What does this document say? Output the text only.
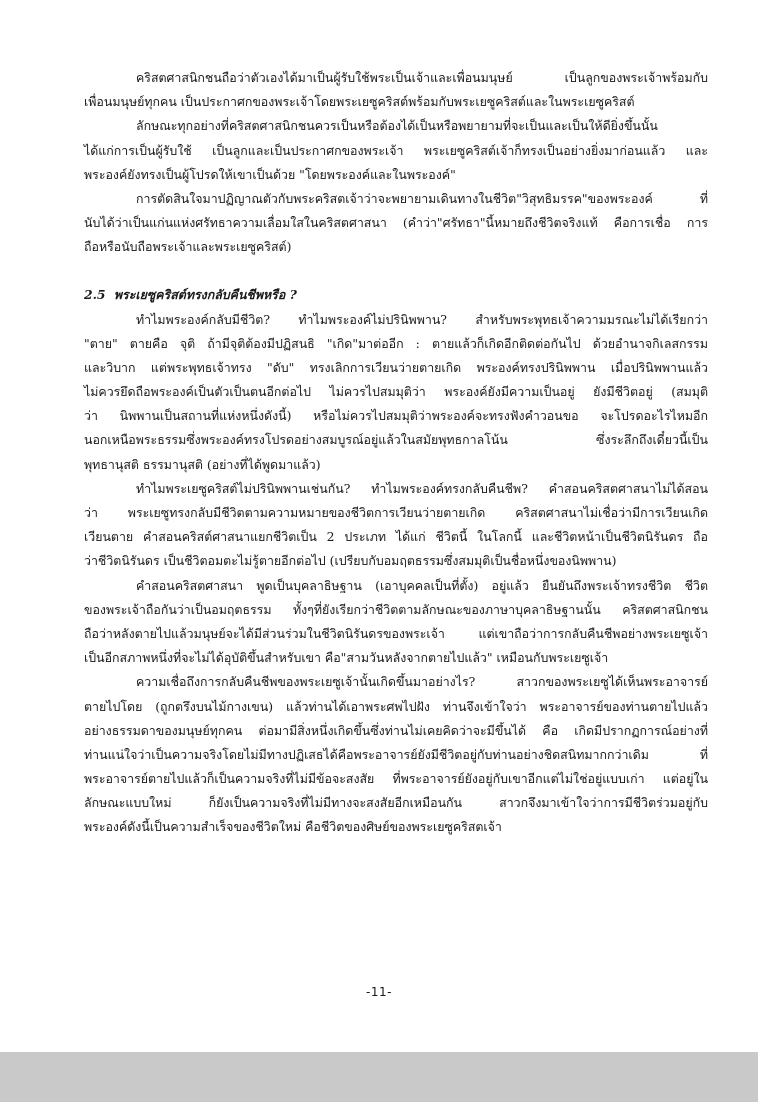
คริสตศาสนิกชนถือว่าตัวเองได้มาเป็นผู้รับใช้พระเป็นเจ้าและเพื่อนมนุษย์ เป็นลูกของพระเจ้าพร้อมกับ
เพื่อนมนุษย์ทุกคน เป็นประกาศกของพระเจ้าโดยพระเยซูคริสต์พร้อมกับพระเยซูคริสต์และในพระเยซูคริสต์
ลักษณะทุกอย่างที่คริสตศาสนิกชนควรเป็นหรือต้องได้เป็นหรือพยายามที่จะเป็นและเป็นให้ดียิ่งขึ้นนั้น
ได้แก่การเป็นผู้รับใช้ เป็นลูกและเป็นประกาศกของพระเจ้า พระเยซูคริสต์เจ้าก็ทรงเป็นอย่างยิ่งมาก่อนแล้ว และ
พระองค์ยังทรงเป็นผู้โปรดให้เขาเป็นด้วย "โดยพระองค์และในพระองค์"
การตัดสินใจมาปฏิญาณตัวกับพระคริสตเจ้าว่าจะพยายามเดินทางในชีวิต"วิสุทธิมรรค"ของพระองค์ ที่
นับได้ว่าเป็นแก่นแห่งศรัทธาความเลื่อมใสในคริสตศาสนา (คำว่า"ศรัทธา"นี้หมายถึงชีวิตจริงแท้ คือการเชื่อ การ
ถือหรือนับถือพระเจ้าและพระเยซูคริสต์)
2.5 พระเยซูคริสต์ทรงกลับคืนชีพหรือ ?
ทำไมพระองค์กลับมีชีวิต? ทำไมพระองค์ไม่ปรินิพพาน? สำหรับพระพุทธเจ้าความมรณะไม่ได้เรียกว่า
"ตาย" ตายคือ จุติ ถ้ามีจุติต้องมีปฏิสนธิ "เกิด"มาต่ออีก : ตายแล้วก็เกิดอีกติดต่อกันไป ด้วยอำนาจกิเลสกรรม
และวิบาก แต่พระพุทธเจ้าทรง "ดับ" ทรงเลิกการเวียนว่ายตายเกิด พระองค์ทรงปรินิพพาน เมื่อปรินิพพานแล้ว
ไม่ควรยึดถือพระองค์เป็นตัวเป็นตนอีกต่อไป ไม่ควรไปสมมุติว่า พระองค์ยังมีความเป็นอยู่ ยังมีชีวิตอยู่ (สมมุติ
ว่า นิพพานเป็นสถานที่แห่งหนึ่งดังนี้) หรือไม่ควรไปสมมุติว่าพระองค์จะทรงฟังคำวอนขอ จะโปรดอะไรไหมอีก
นอกเหนือพระธรรมซึ่งพระองค์ทรงโปรดอย่างสมบูรณ์อยู่แล้วในสมัยพุทธกาลโน้น ซึ่งระลึกถึงเดี๋ยวนี้เป็น
พุทธานุสติ ธรรมานุสติ (อย่างที่ได้พูดมาแล้ว)
ทำไมพระเยซูคริสต์ไม่ปรินิพพานเช่นกัน? ทำไมพระองค์ทรงกลับคืนชีพ? คำสอนคริสตศาสนาไม่ได้สอน
ว่า พระเยซูทรงกลับมีชีวิตตามความหมายของชีวิตการเวียนว่ายตายเกิด คริสตศาสนาไม่เชื่อว่ามีการเวียนเกิด
เวียนตาย คำสอนคริสต์ศาสนาแยกชีวิตเป็น 2 ประเภท ได้แก่ ชีวิตนี้ ในโลกนี้ และชีวิตหน้าเป็นชีวิตนิรันดร ถือ
ว่าชีวิตนิรันดร เป็นชีวิตอมตะไม่รู้ตายอีกต่อไป (เปรียบกับอมฤตธรรมซึ่งสมมุติเป็นชื่อหนึ่งของนิพพาน)
คำสอนคริสตศาสนา พูดเป็นบุคลาธิษฐาน (เอาบุคคลเป็นที่ตั้ง) อยู่แล้ว ยืนยันถึงพระเจ้าทรงชีวิต ชีวิต
ของพระเจ้าถือกันว่าเป็นอมฤตธรรม ทั้งๆที่ยังเรียกว่าชีวิตตามลักษณะของภาษาบุคลาธิษฐานนั้น คริสตศาสนิกชน
ถือว่าหลังตายไปแล้วมนุษย์จะได้มีส่วนร่วมในชีวิตนิรันดรของพระเจ้า แต่เขาถือว่าการกลับคืนชีพอย่างพระเยซูเจ้า
เป็นอีกสภาพหนึ่งที่จะไม่ได้อุบัติขึ้นสำหรับเขา คือ"สามวันหลังจากตายไปแล้ว" เหมือนกับพระเยซูเจ้า
ความเชื่อถึงการกลับคืนชีพของพระเยซูเจ้านั้นเกิดขึ้นมาอย่างไร? สาวกของพระเยซูได้เห็นพระอาจารย์
ตายไปโดย (ถูกตรึงบนไม้กางเขน) แล้วท่านได้เอาพระศพไปฝัง ท่านจึงเข้าใจว่า พระอาจารย์ของท่านตายไปแล้ว
อย่างธรรมดาของมนุษย์ทุกคน ต่อมามีสิ่งหนึ่งเกิดขึ้นซึ่งท่านไม่เคยคิดว่าจะมีขึ้นได้ คือ เกิดมีปรากฏการณ์อย่างที่
ท่านแน่ใจว่าเป็นความจริงโดยไม่มีทางปฏิเสธได้คือพระอาจารย์ยังมีชีวิตอยู่กับท่านอย่างชิดสนิทมากกว่าเดิม ที่
พระอาจารย์ตายไปแล้วก็เป็นความจริงที่ไม่มีข้อจะสงสัย ที่พระอาจารย์ยังอยู่กับเขาอีกแต่ไม่ใช่อยู่แบบเก่า แต่อยู่ใน
ลักษณะแบบใหม่ ก็ยังเป็นความจริงที่ไม่มีทางจะสงสัยอีกเหมือนกัน สาวกจึงมาเข้าใจว่าการมีชีวิตร่วมอยู่กับ
พระองค์ดังนี้เป็นความสำเร็จของชีวิตใหม่ คือชีวิตของศิษย์ของพระเยซูคริสตเจ้า
-11-
